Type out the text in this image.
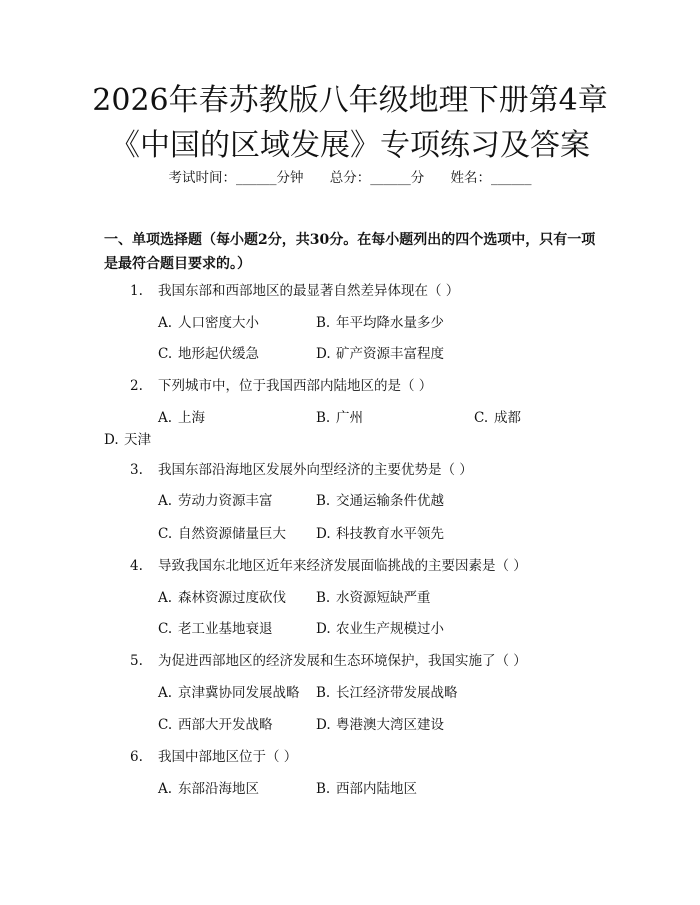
2026年春苏教版八年级地理下册第4章《中国的区域发展》专项练习及答案
考试时间：______分钟 总分：______分 姓名：______
一、单项选择题（每小题2分，共30分。在每小题列出的四个选项中，只有一项是最符合题目要求的。）
1. 我国东部和西部地区的最显著自然差异体现在（ ）
A. 人口密度大小	B. 年平均降水量多少
C. 地形起伏缓急	D. 矿产资源丰富程度
2. 下列城市中，位于我国西部内陆地区的是（ ）
A. 上海	B. 广州	C. 成都
D. 天津
3. 我国东部沿海地区发展外向型经济的主要优势是（ ）
A. 劳动力资源丰富	B. 交通运输条件优越
C. 自然资源储量巨大 D. 科技教育水平领先
4. 导致我国东北地区近年来经济发展面临挑战的主要因素是（ ）
A. 森林资源过度砍伐 B. 水资源短缺严重
C. 老工业基地衰退	D. 农业生产规模过小
5. 为促进西部地区的经济发展和生态环境保护，我国实施了（ ）
A. 京津冀协同发展战略 B. 长江经济带发展战略
C. 西部大开发战略	D. 粤港澳大湾区建设
6. 我国中部地区位于（ ）
A. 东部沿海地区	B. 西部内陆地区
